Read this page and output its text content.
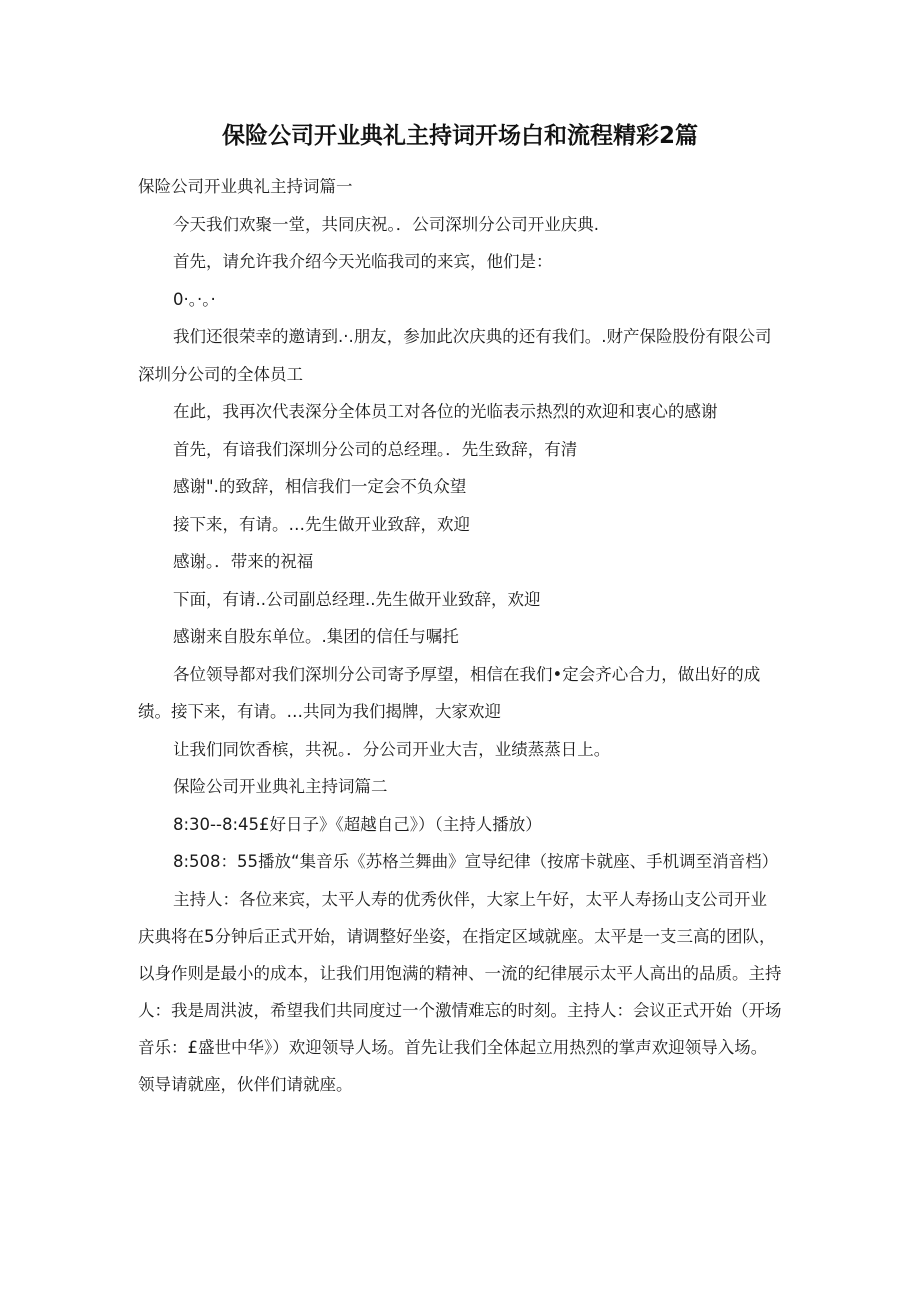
保险公司开业典礼主持词开场白和流程精彩2篇

保险公司开业典礼主持词篇一

今天我们欢聚一堂，共同庆祝。．公司深圳分公司开业庆典.

首先，请允许我介绍今天光临我司的来宾，他们是：

0·。·。·

我们还很荣幸的邀请到.·.朋友，参加此次庆典的还有我们。.财产保险股份有限公司深圳分公司的全体员工

在此，我再次代表深分全体员工对各位的光临表示热烈的欢迎和衷心的感谢

首先，有谙我们深圳分公司的总经理。．先生致辞，有清

感谢".的致辞，相信我们一定会不负众望

接下来，有请。…先生做开业致辞，欢迎

感谢。．带来的祝福

下面，有请..公司副总经理..先生做开业致辞，欢迎

感谢来自股东单位。.集团的信任与嘱托

各位领导都对我们深圳分公司寄予厚望，相信在我们•定会齐心合力，做出好的成绩。接下来，有请。…共同为我们揭牌，大家欢迎

让我们同饮香槟，共祝。．分公司开业大吉，业绩蒸蒸日上。

保险公司开业典礼主持词篇二

8:30--8:45£好日子》《超越自己》）（主持人播放）

8:508：55播放“集音乐《苏格兰舞曲》宣导纪律（按席卡就座、手机调至消音档）

主持人：各位来宾，太平人寿的优秀伙伴，大家上午好，太平人寿扬山支公司开业庆典将在5分钟后正式开始，请调整好坐姿，在指定区域就座。太平是一支三高的团队，以身作则是最小的成本，让我们用饱满的精神、一流的纪律展示太平人高出的品质。主持人：我是周洪波，希望我们共同度过一个激情难忘的时刻。主持人：会议正式开始（开场音乐：£盛世中华》）欢迎领导人场。首先让我们全体起立用热烈的掌声欢迎领导入场。领导请就座，伙伴们请就座。
